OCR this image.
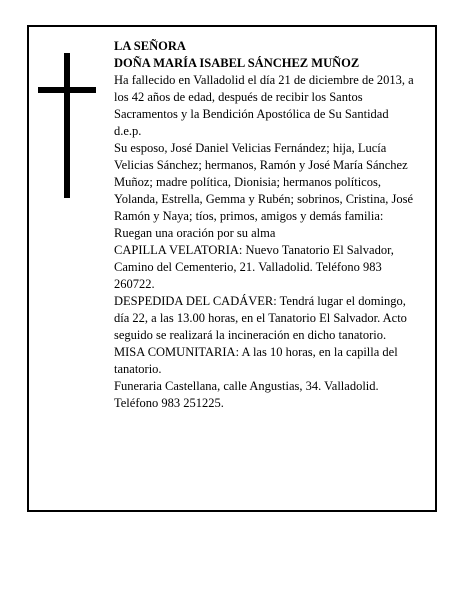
LA SEÑORA

DOÑA MARÍA ISABEL SÁNCHEZ MUÑOZ

Ha fallecido en Valladolid el día 21 de diciembre de 2013, a los 42 años de edad, después de recibir los Santos Sacramentos y la Bendición Apostólica de Su Santidad

d.e.p.

Su esposo, José Daniel Velicias Fernández; hija, Lucía Velicias Sánchez; hermanos, Ramón y José María Sánchez Muñoz; madre política, Dionisia; hermanos políticos, Yolanda, Estrella, Gemma y Rubén; sobrinos, Cristina, José Ramón y Naya; tíos, primos, amigos y demás familia:

Ruegan una oración por su alma

CAPILLA VELATORIA: Nuevo Tanatorio El Salvador, Camino del Cementerio, 21. Valladolid. Teléfono 983 260722.

DESPEDIDA DEL CADÁVER: Tendrá lugar el domingo, día 22, a las 13.00 horas, en el Tanatorio El Salvador. Acto seguido se realizará la incineración en dicho tanatorio.

MISA COMUNITARIA: A las 10 horas, en la capilla del tanatorio.

Funeraria Castellana, calle Angustias, 34. Valladolid. Teléfono 983 251225.
